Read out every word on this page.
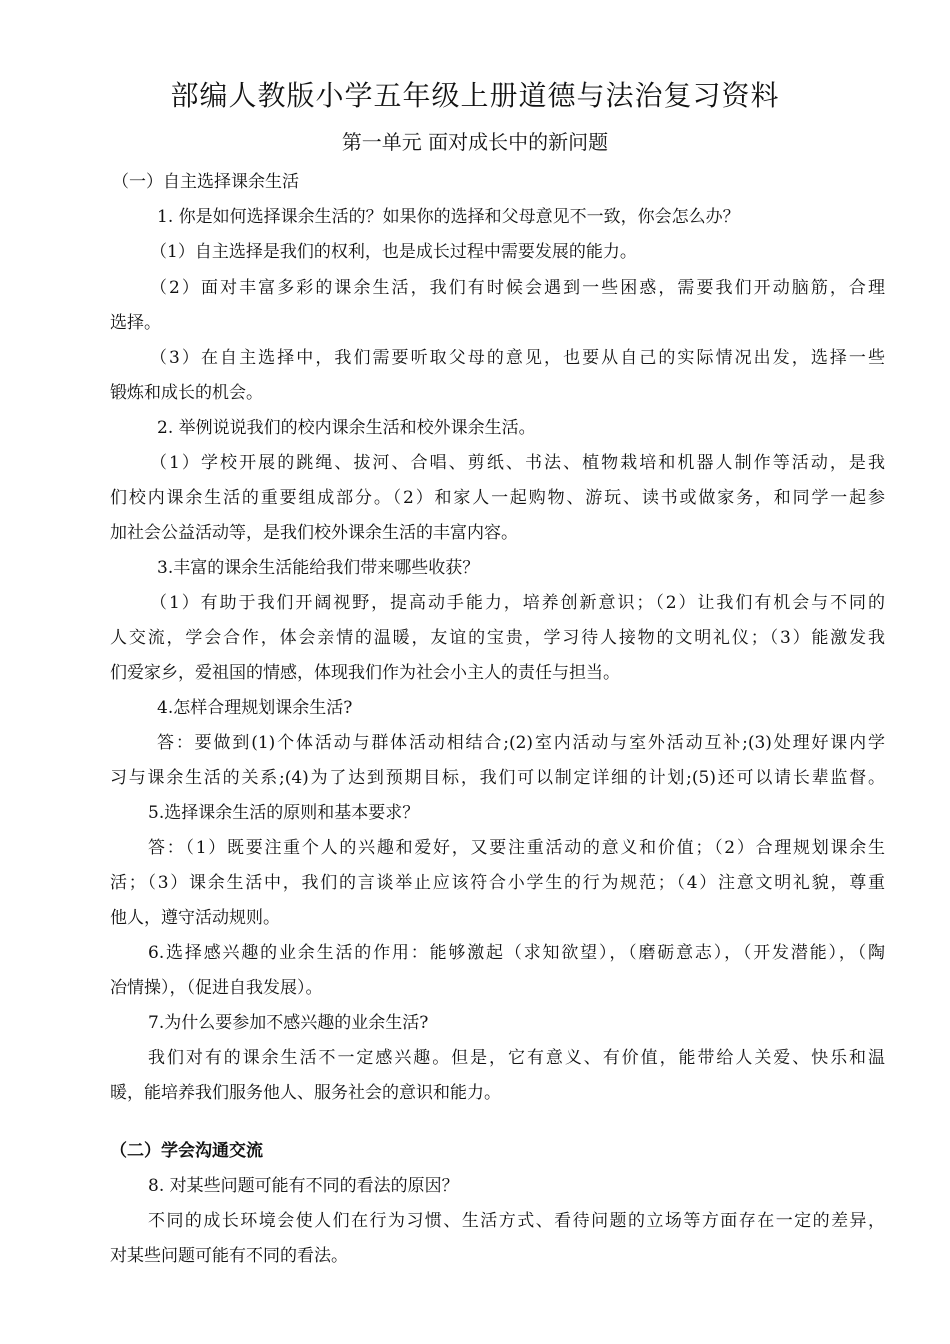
部编人教版小学五年级上册道德与法治复习资料
第一单元 面对成长中的新问题
（一）自主选择课余生活
1. 你是如何选择课余生活的？如果你的选择和父母意见不一致，你会怎么办？
（1）自主选择是我们的权利，也是成长过程中需要发展的能力。
（2）面对丰富多彩的课余生活，我们有时候会遇到一些困惑，需要我们开动脑筋，合理
选择。
（3）在自主选择中，我们需要听取父母的意见，也要从自己的实际情况出发，选择一些
锻炼和成长的机会。
2. 举例说说我们的校内课余生活和校外课余生活。
（1）学校开展的跳绳、拔河、合唱、剪纸、书法、植物栽培和机器人制作等活动，是我
们校内课余生活的重要组成部分。（2）和家人一起购物、游玩、读书或做家务，和同学一起参
加社会公益活动等，是我们校外课余生活的丰富内容。
3.丰富的课余生活能给我们带来哪些收获？
（1）有助于我们开阔视野，提高动手能力，培养创新意识；（2）让我们有机会与不同的
人交流，学会合作，体会亲情的温暖，友谊的宝贵，学习待人接物的文明礼仪；（3）能激发我
们爱家乡，爱祖国的情感，体现我们作为社会小主人的责任与担当。
4.怎样合理规划课余生活?
答：要做到(1)个体活动与群体活动相结合;(2)室内活动与室外活动互补;(3)处理好课内学
习与课余生活的关系;(4)为了达到预期目标，我们可以制定详细的计划;(5)还可以请长辈监督。
5.选择课余生活的原则和基本要求？
答：（1）既要注重个人的兴趣和爱好，又要注重活动的意义和价值；（2）合理规划课余生
活；（3）课余生活中，我们的言谈举止应该符合小学生的行为规范；（4）注意文明礼貌，尊重
他人，遵守活动规则。
6.选择感兴趣的业余生活的作用：能够激起（求知欲望），（磨砺意志），（开发潜能），（陶
冶情操），（促进自我发展）。
7.为什么要参加不感兴趣的业余生活?
我们对有的课余生活不一定感兴趣。但是，它有意义、有价值，能带给人关爱、快乐和温
暖，能培养我们服务他人、服务社会的意识和能力。
（二）学会沟通交流
8. 对某些问题可能有不同的看法的原因？
不同的成长环境会使人们在行为习惯、生活方式、看待问题的立场等方面存在一定的差异，
对某些问题可能有不同的看法。
